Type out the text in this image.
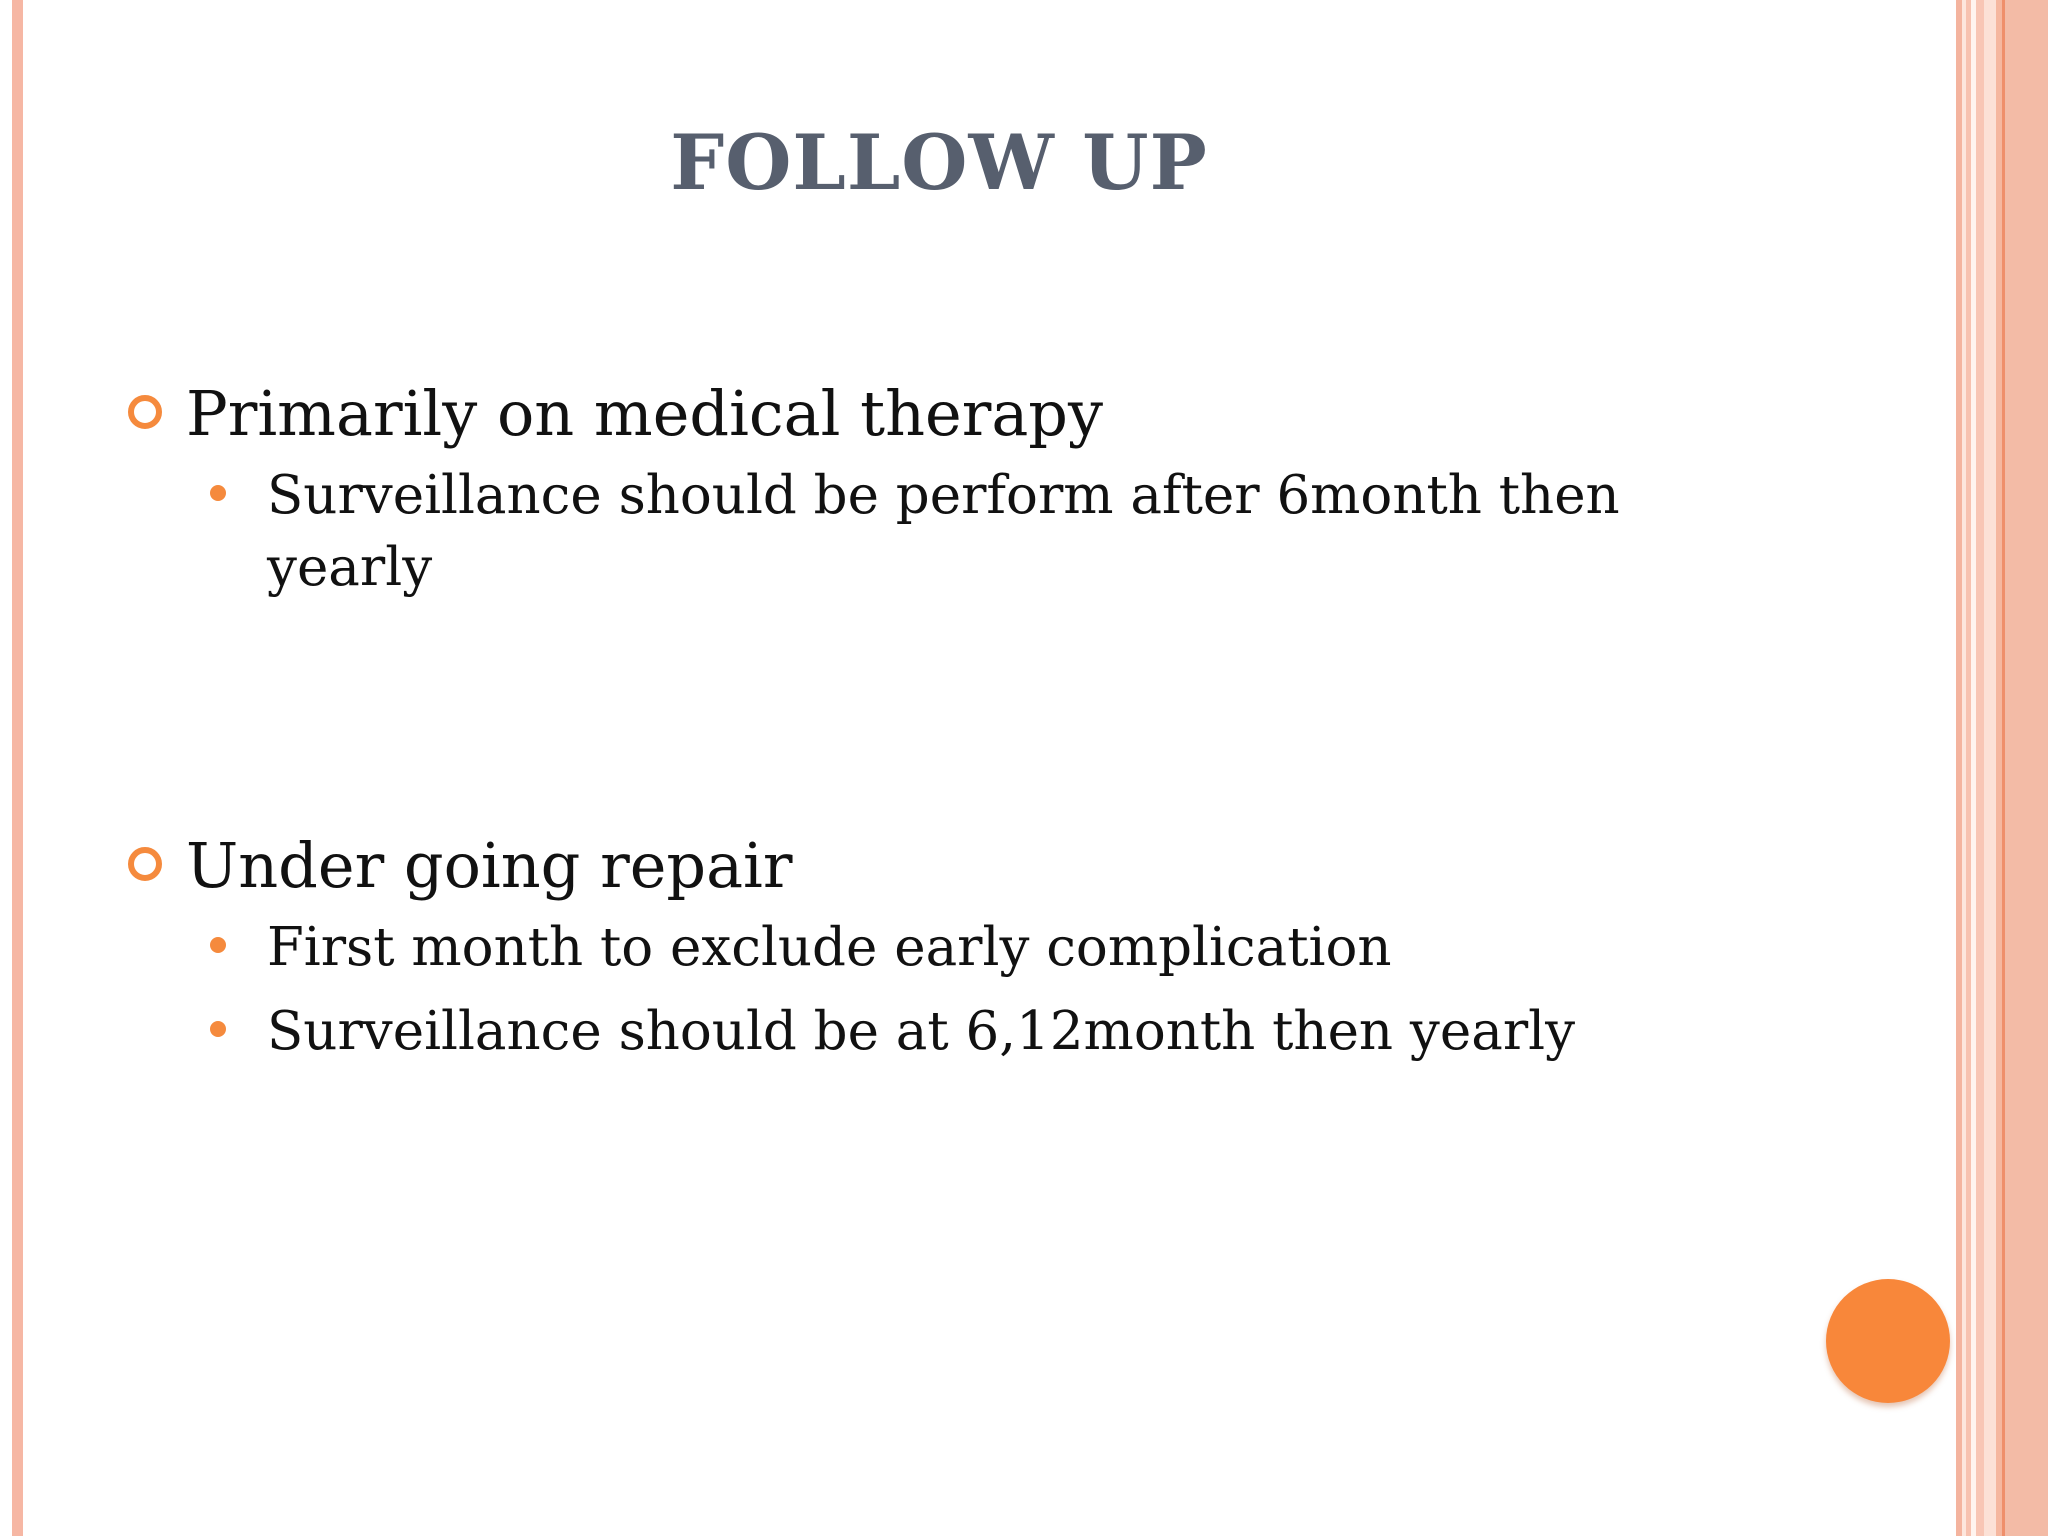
FOLLOW UP
Primarily on medical therapy
Surveillance should be perform after 6month then yearly
Under going repair
First month to exclude early complication
Surveillance should be at 6,12month then yearly
